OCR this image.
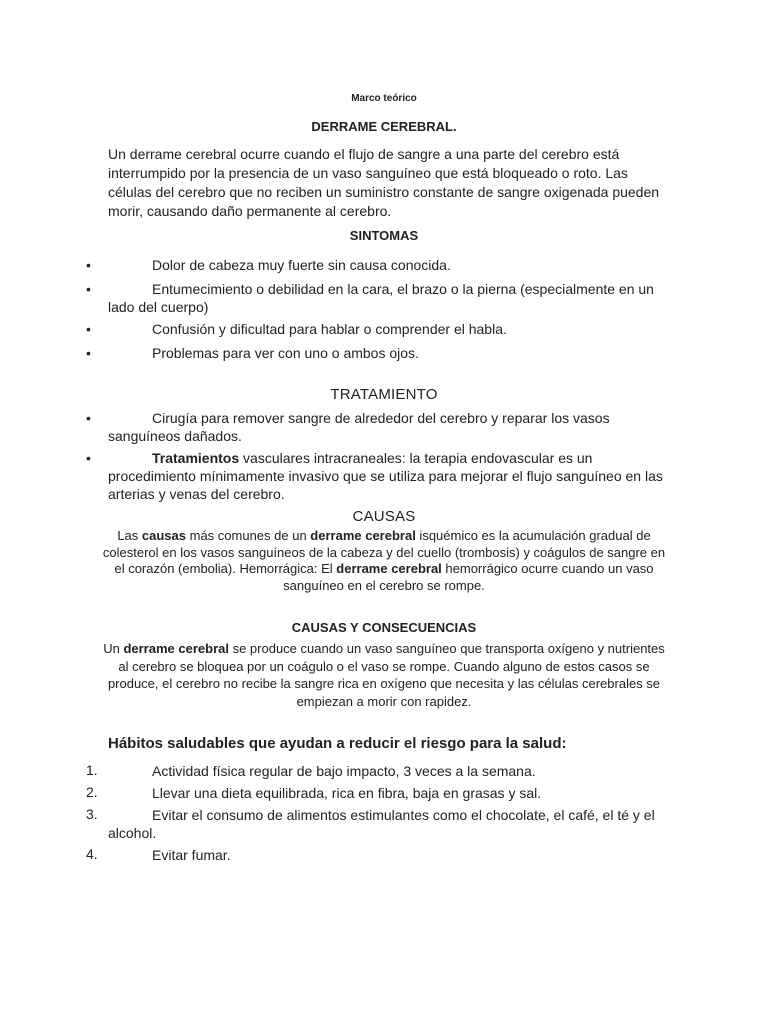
Marco teórico
DERRAME CEREBRAL.
Un derrame cerebral ocurre cuando el flujo de sangre a una parte del cerebro está interrumpido por la presencia de un vaso sanguíneo que está bloqueado o roto. Las células del cerebro que no reciben un suministro constante de sangre oxigenada pueden morir, causando daño permanente al cerebro.
SINTOMAS
•	Dolor de cabeza muy fuerte sin causa conocida.
•	Entumecimiento o debilidad en la cara, el brazo o la pierna (especialmente en un lado del cuerpo)
•	Confusión y dificultad para hablar o comprender el habla.
•	Problemas para ver con uno o ambos ojos.
TRATAMIENTO
•	Cirugía para remover sangre de alrededor del cerebro y reparar los vasos sanguíneos dañados.
•	Tratamientos vasculares intracraneales: la terapia endovascular es un procedimiento mínimamente invasivo que se utiliza para mejorar el flujo sanguíneo en las arterias y venas del cerebro.
CAUSAS
Las causas más comunes de un derrame cerebral isquémico es la acumulación gradual de colesterol en los vasos sanguíneos de la cabeza y del cuello (trombosis) y coágulos de sangre en el corazón (embolia). Hemorrágica: El derrame cerebral hemorrágico ocurre cuando un vaso sanguíneo en el cerebro se rompe.
CAUSAS Y CONSECUENCIAS
Un derrame cerebral se produce cuando un vaso sanguíneo que transporta oxígeno y nutrientes al cerebro se bloquea por un coágulo o el vaso se rompe. Cuando alguno de estos casos se produce, el cerebro no recibe la sangre rica en oxígeno que necesita y las células cerebrales se empiezan a morir con rapidez.
Hábitos saludables que ayudan a reducir el riesgo para la salud:
1.	Actividad física regular de bajo impacto, 3 veces a la semana.
2.	Llevar una dieta equilibrada, rica en fibra, baja en grasas y sal.
3.	Evitar el consumo de alimentos estimulantes como el chocolate, el café, el té y el alcohol.
4.	Evitar fumar.
